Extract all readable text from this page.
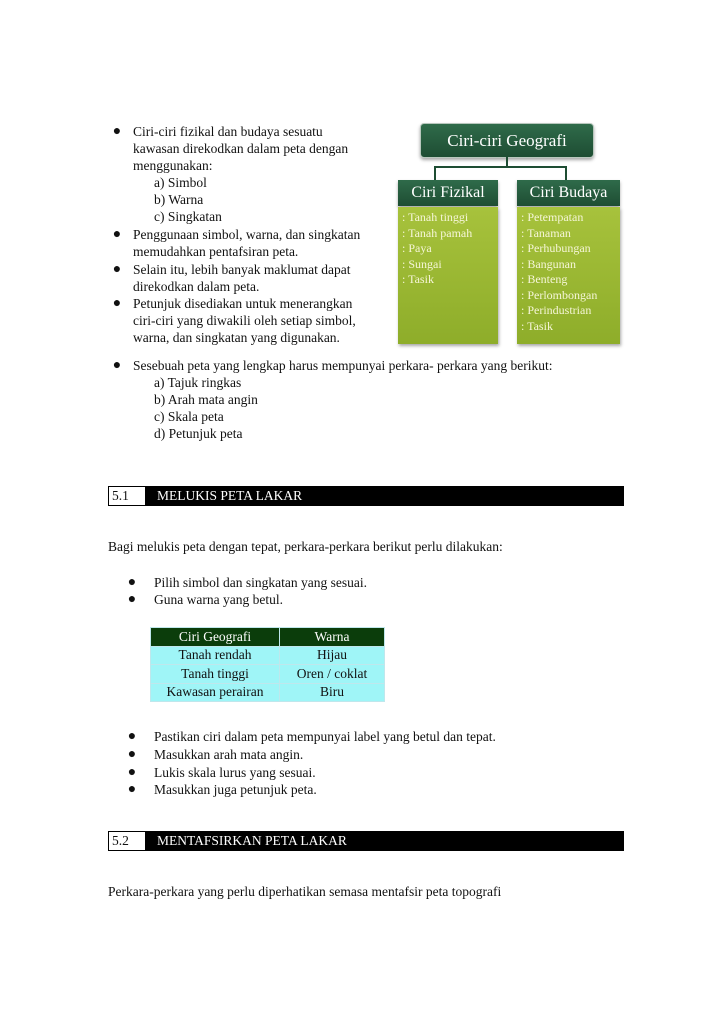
● Ciri-ciri fizikal dan budaya sesuatu
kawasan direkodkan dalam peta dengan
menggunakan:
a) Simbol
b) Warna
c) Singkatan
● Penggunaan simbol, warna, dan singkatan
memudahkan pentafsiran peta.
● Selain itu, lebih banyak maklumat dapat
direkodkan dalam peta.
● Petunjuk disediakan untuk menerangkan
ciri-ciri yang diwakili oleh setiap simbol,
warna, dan singkatan yang digunakan.
Ciri-ciri Geografi
Ciri Fizikal	Ciri Budaya
: Tanah tinggi
: Tanah pamah
: Paya
: Sungai
: Tasik
: Petempatan
: Tanaman
: Perhubungan
: Bangunan
: Benteng
: Perlombongan
: Perindustrian
: Tasik
● Sesebuah peta yang lengkap harus mempunyai perkara- perkara yang berikut:
a) Tajuk ringkas
b) Arah mata angin
c) Skala peta
d) Petunjuk peta
5.1	MELUKIS PETA LAKAR
Bagi melukis peta dengan tepat, perkara-perkara berikut perlu dilakukan:
● Pilih simbol dan singkatan yang sesuai.
● Guna warna yang betul.
Ciri Geografi	Warna
Tanah rendah	Hijau
Tanah tinggi	Oren / coklat
Kawasan perairan	Biru
● Pastikan ciri dalam peta mempunyai label yang betul dan tepat.
● Masukkan arah mata angin.
● Lukis skala lurus yang sesuai.
● Masukkan juga petunjuk peta.
5.2	MENTAFSIRKAN PETA LAKAR
Perkara-perkara yang perlu diperhatikan semasa mentafsir peta topografi
